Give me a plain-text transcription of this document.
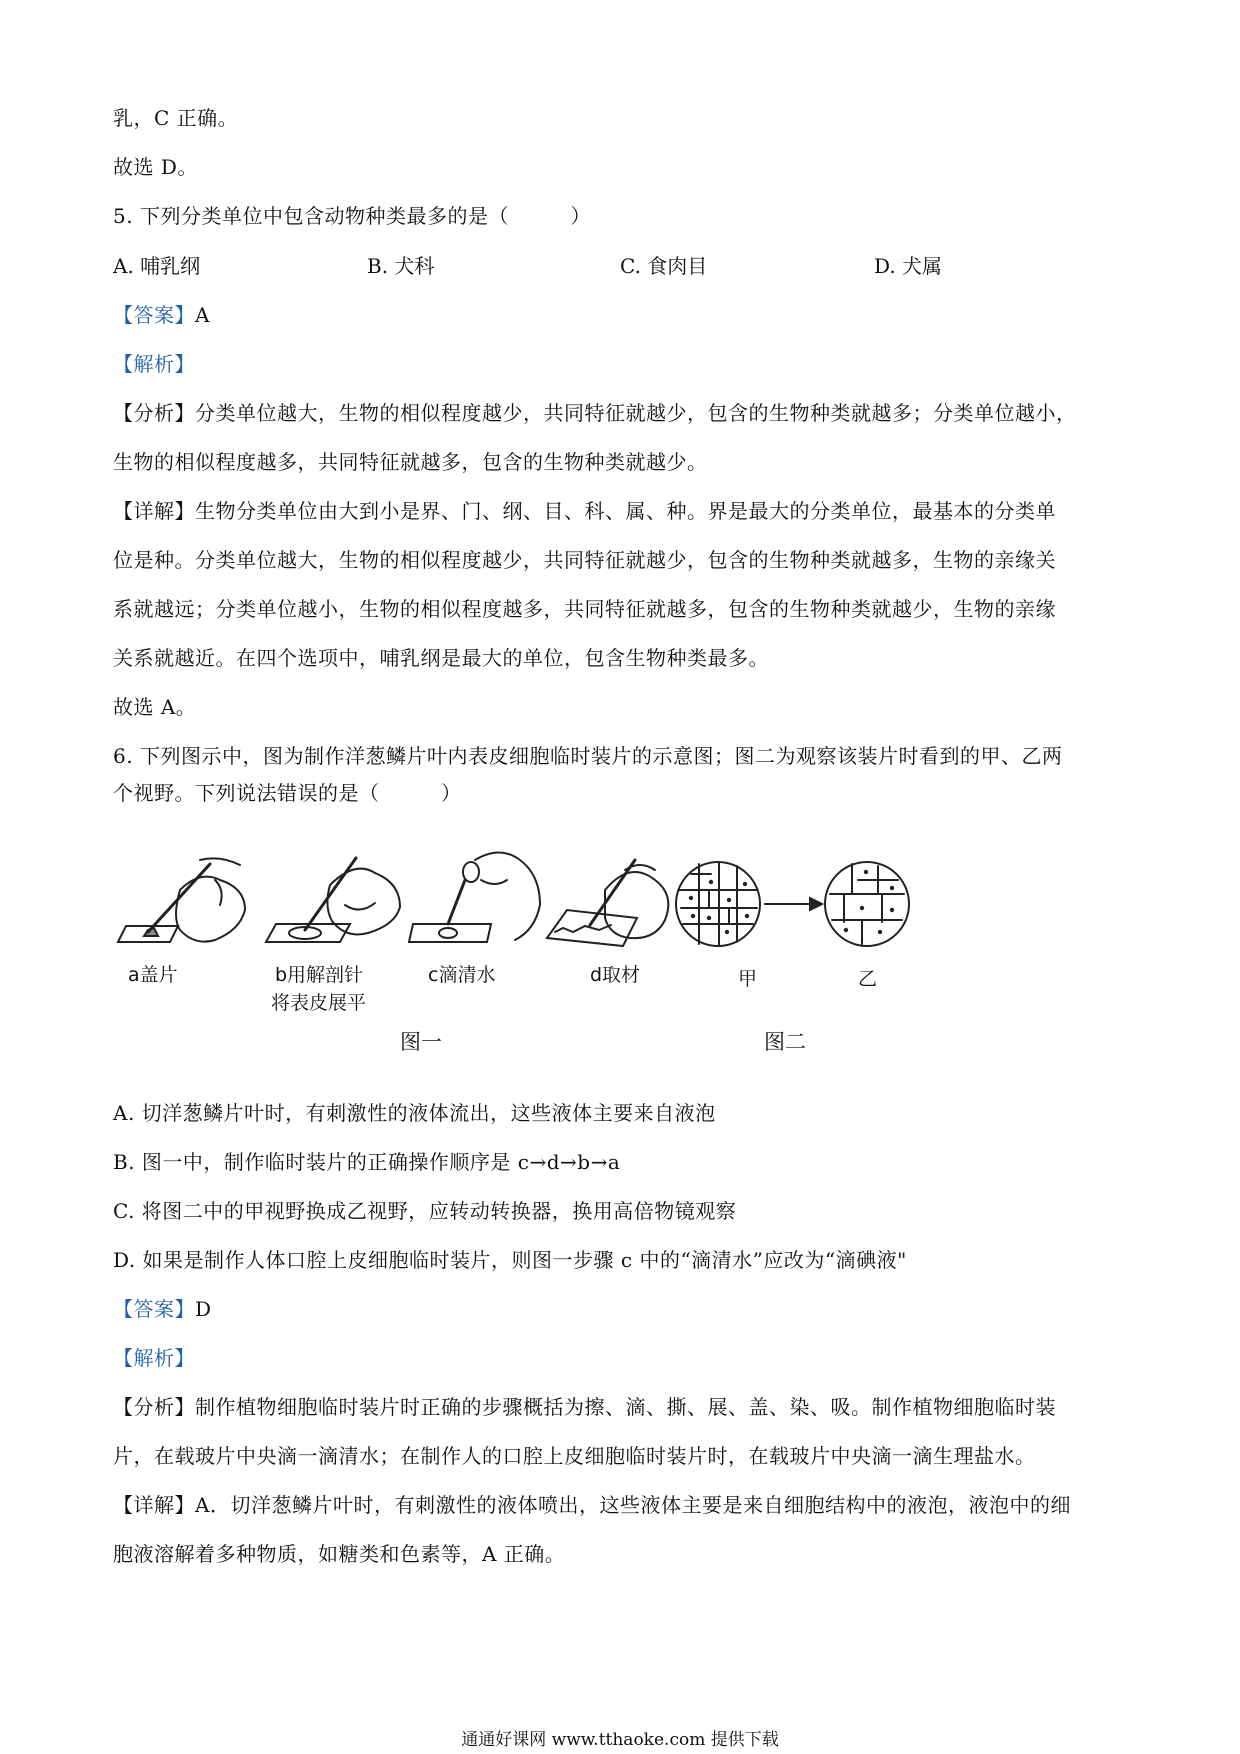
乳，C 正确。
故选 D。
5. 下列分类单位中包含动物种类最多的是（　　　）
A. 哺乳纲	B. 犬科	C. 食肉目	D. 犬属
【答案】A
【解析】
【分析】分类单位越大，生物的相似程度越少，共同特征就越少，包含的生物种类就越多；分类单位越小，
生物的相似程度越多，共同特征就越多，包含的生物种类就越少。
【详解】生物分类单位由大到小是界、门、纲、目、科、属、种。界是最大的分类单位，最基本的分类单
位是种。分类单位越大，生物的相似程度越少，共同特征就越少，包含的生物种类就越多，生物的亲缘关
系就越远；分类单位越小，生物的相似程度越多，共同特征就越多，包含的生物种类就越少，生物的亲缘
关系就越近。在四个选项中，哺乳纲是最大的单位，包含生物种类最多。
故选 A。
6. 下列图示中，图为制作洋葱鳞片叶内表皮细胞临时装片的示意图；图二为观察该装片时看到的甲、乙两
个视野。下列说法错误的是（　　　）
a盖片	b用解剖针
将表皮展平
c滴清水	d取材	甲	乙
图一	图二
A. 切洋葱鳞片叶时，有刺激性的液体流出，这些液体主要来自液泡
B. 图一中，制作临时装片的正确操作顺序是 c→d→b→a
C. 将图二中的甲视野换成乙视野，应转动转换器，换用高倍物镜观察
D. 如果是制作人体口腔上皮细胞临时装片，则图一步骤 c 中的“滴清水”应改为“滴碘液"
【答案】D
【解析】
【分析】制作植物细胞临时装片时正确的步骤概括为擦、滴、撕、展、盖、染、吸。制作植物细胞临时装
片，在载玻片中央滴一滴清水；在制作人的口腔上皮细胞临时装片时，在载玻片中央滴一滴生理盐水。
【详解】A．切洋葱鳞片叶时，有刺激性的液体喷出，这些液体主要是来自细胞结构中的液泡，液泡中的细
胞液溶解着多种物质，如糖类和色素等，A 正确。
通通好课网 www.tthaoke.com 提供下载
